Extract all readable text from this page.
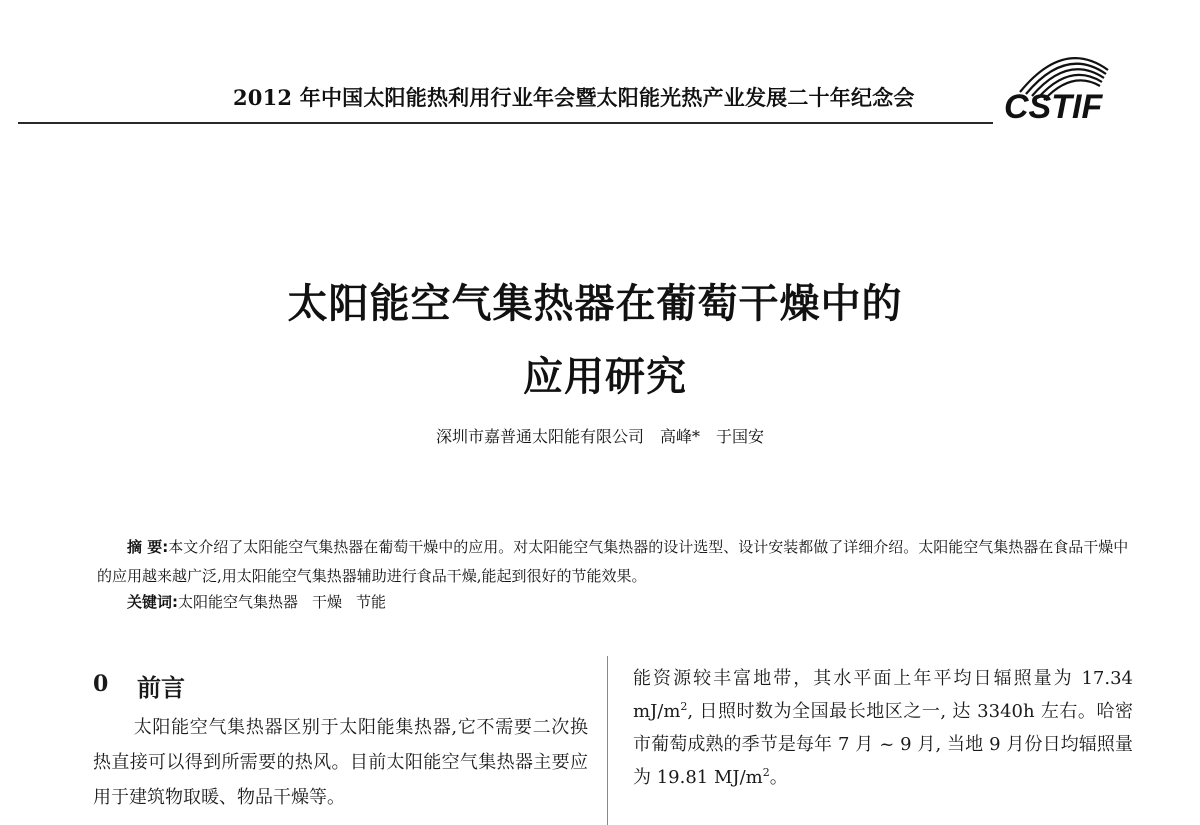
2012 年中国太阳能热利用行业年会暨太阳能光热产业发展二十年纪念会	CSTIF
太阳能空气集热器在葡萄干燥中的
应用研究
深圳市嘉普通太阳能有限公司 高峰* 于国安
摘 要:本文介绍了太阳能空气集热器在葡萄干燥中的应用。对太阳能空气集热器的设计选型、设计安装都做了详细介绍。太阳能空气集热器在食品干燥中的应用越来越广泛,用太阳能空气集热器辅助进行食品干燥,能起到很好的节能效果。
关键词:太阳能空气集热器 干燥 节能
0 前言
太阳能空气集热器区别于太阳能集热器,它不需要二次换热直接可以得到所需要的热风。目前太阳能空气集热器主要应用于建筑物取暖、物品干燥等。
能资源较丰富地带，其水平面上年平均日辐照量为 17.34 $mJ/m^2$, 日照时数为全国最长地区之一, 达 3340h 左右。哈密市葡萄成熟的季节是每年 7 月 ~ 9 月, 当地 9 月份日均辐照量为 19.81 $MJ/m^2$。
